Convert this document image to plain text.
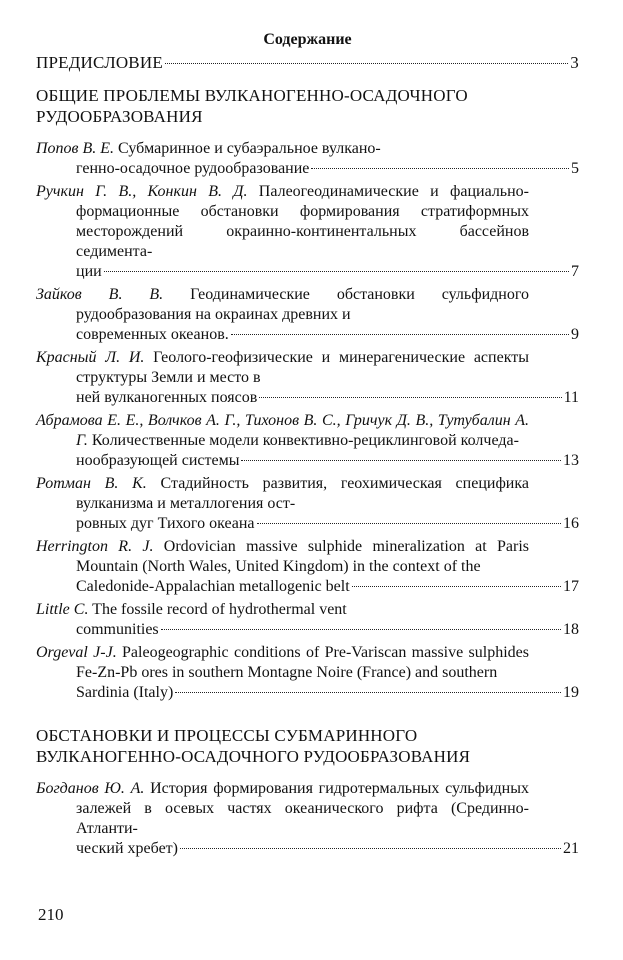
Содержание
ПРЕДИСЛОВИЕ	3
ОБЩИЕ ПРОБЛЕМЫ ВУЛКАНОГЕННО-ОСАДОЧНОГО
РУДООБРАЗОВАНИЯ
Попов В. Е. Субмаринное и субаэральное вулкано-
генно-осадочное рудообразование	5
Ручкин Г. В., Конкин В. Д. Палеогеодинамические и фациально-формационные обстановки формирования стратиформных месторождений окраинно-континентальных бассейнов седимента-
ции	7
Зайков В. В. Геодинамические обстановки сульфидного рудообразования на окраинах древних и
современных океанов.	9
Красный Л. И. Геолого-геофизические и минерагенические аспекты структуры Земли и место в
ней вулканогенных поясов	11
Абрамова Е. Е., Волчков А. Г., Тихонов В. С., Гричук Д. В., Тутубалин А. Г. Количественные модели конвективно-рециклинговой колчеда-
нообразующей системы	13
Ротман В. К. Стадийность развития, геохимическая специфика вулканизма и металлогения ост-
ровных дуг Тихого океана	16
Herrington R. J. Ordovician massive sulphide mineralization at Paris Mountain (North Wales, United Kingdom) in the context of the
Caledonide-Appalachian metallogenic belt	17
Little C. The fossile record of hydrothermal vent
communities	18
Orgeval J-J. Paleogeographic conditions of Pre-Variscan massive sulphides Fe-Zn-Pb ores in southern Montagne Noire (France) and southern
Sardinia (Italy)	19
ОБСТАНОВКИ И ПРОЦЕССЫ СУБМАРИННОГО
ВУЛКАНОГЕННО-ОСАДОЧНОГО РУДООБРАЗОВАНИЯ
Богданов Ю. А. История формирования гидротермальных сульфидных залежей в осевых частях океанического рифта (Срединно-Атланти-
ческий хребет)	21
210
